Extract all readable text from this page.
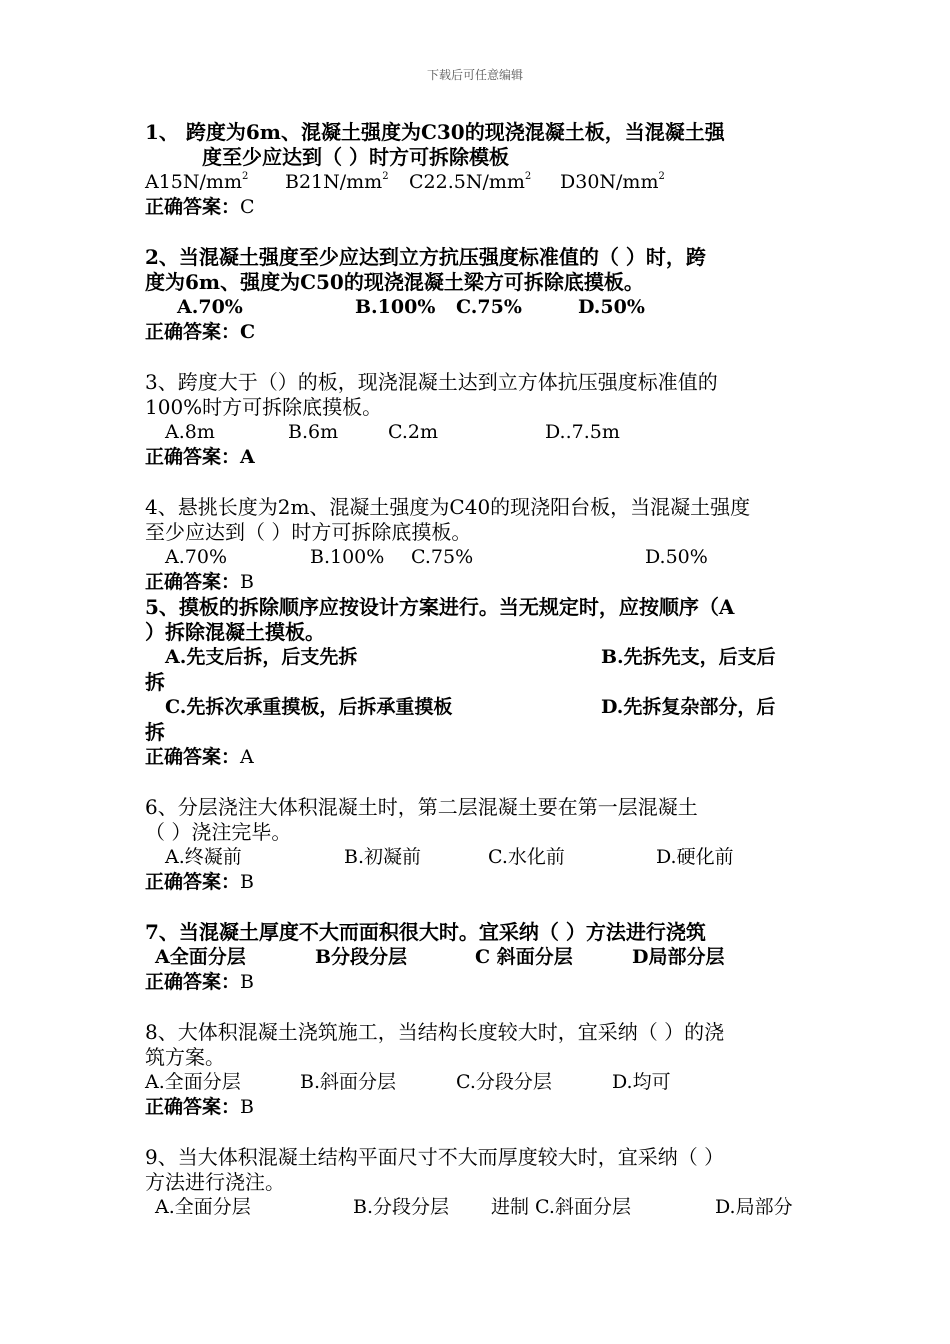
下载后可任意编辑
1、 跨度为6m、混凝土强度为C30的现浇混凝土板，当混凝土强
度至少应达到（ ）时方可拆除模板
$A15N/mm^2$ $B21N/mm^2$ $C22.5N/mm^2$ $D30N/mm^2$
正确答案：C
2、当混凝土强度至少应达到立方抗压强度标准值的（ ）时，跨
度为6m、强度为C50的现浇混凝土梁方可拆除底摸板。
A.70%	B.100% C.75%	D.50%
正确答案：C
3、跨度大于（）的板，现浇混凝土达到立方体抗压强度标准值的
100%时方可拆除底摸板。
A.8m	B.6m	C.2m	D..7.5m
正确答案：A
4、悬挑长度为2m、混凝土强度为C40的现浇阳台板，当混凝土强度
至少应达到（ ）时方可拆除底摸板。
A.70%	B.100% C.75%	D.50%
正确答案：B
5、摸板的拆除顺序应按设计方案进行。当无规定时，应按顺序（A
）拆除混凝土摸板。
A.先支后拆，后支先拆	B.先拆先支，后支后
拆
C.先拆次承重摸板，后拆承重摸板	D.先拆复杂部分，后
拆
正确答案：A
6、分层浇注大体积混凝土时，第二层混凝土要在第一层混凝土
（ ）浇注完毕。
A.终凝前	B.初凝前	C.水化前	D.硬化前
正确答案：B
7、当混凝土厚度不大而面积很大时。宜采纳（ ）方法进行浇筑
A全面分层	B分段分层	C 斜面分层	D局部分层
正确答案：B
8、大体积混凝土浇筑施工，当结构长度较大时，宜采纳（ ）的浇
筑方案。
A.全面分层	B.斜面分层	C.分段分层	D.均可
正确答案：B
9、当大体积混凝土结构平面尺寸不大而厚度较大时，宜采纳（ ）
方法进行浇注。
A.全面分层	B.分段分层 进制 C.斜面分层	D.局部分
